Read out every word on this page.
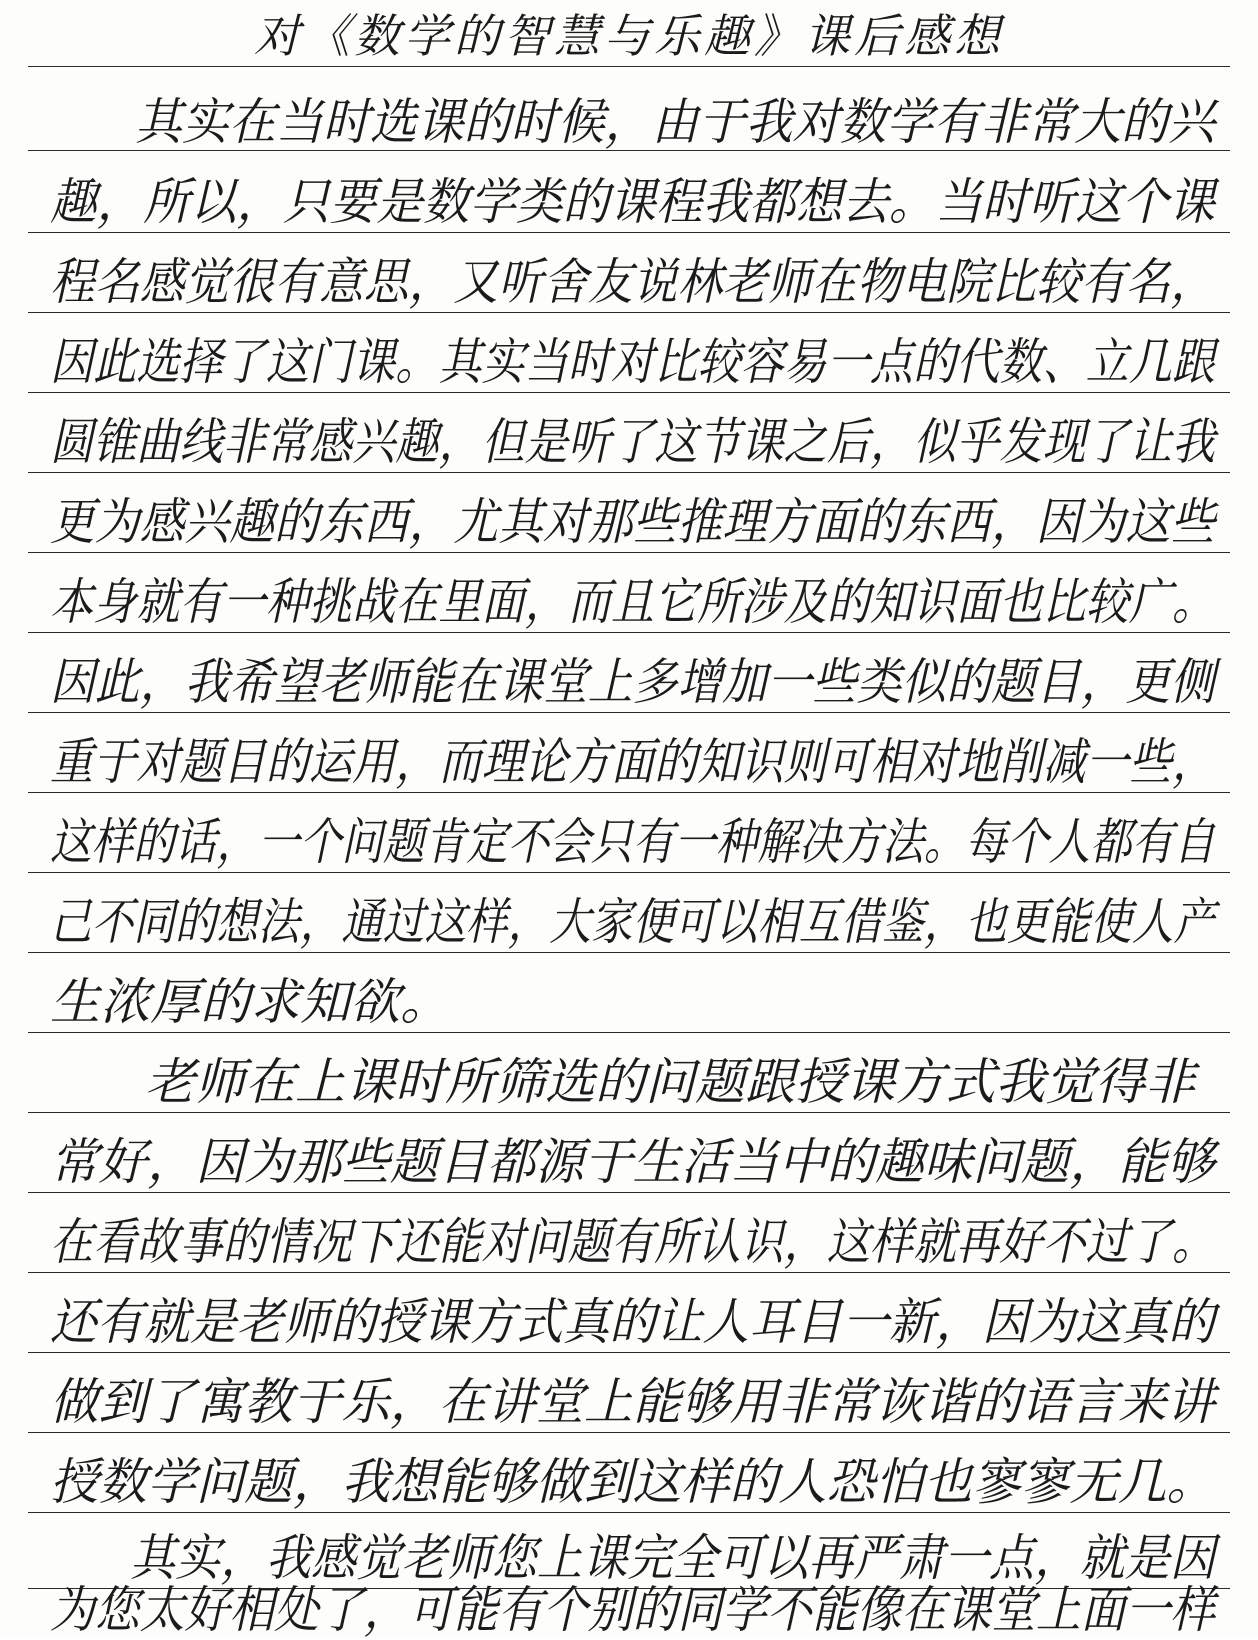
对《数学的智慧与乐趣》课后感想
其实在当时选课的时候，由于我对数学有非常大的兴
趣，所以，只要是数学类的课程我都想去。当时听这个课
程名感觉很有意思，又听舍友说林老师在物电院比较有名，
因此选择了这门课。其实当时对比较容易一点的代数、立几跟
圆锥曲线非常感兴趣，但是听了这节课之后，似乎发现了让我
更为感兴趣的东西，尤其对那些推理方面的东西，因为这些
本身就有一种挑战在里面，而且它所涉及的知识面也比较广。
因此，我希望老师能在课堂上多增加一些类似的题目，更侧
重于对题目的运用，而理论方面的知识则可相对地削减一些，
这样的话，一个问题肯定不会只有一种解决方法。每个人都有自
己不同的想法，通过这样，大家便可以相互借鉴，也更能使人产
生浓厚的求知欲。
老师在上课时所筛选的问题跟授课方式我觉得非
常好，因为那些题目都源于生活当中的趣味问题，能够
在看故事的情况下还能对问题有所认识，这样就再好不过了。
还有就是老师的授课方式真的让人耳目一新，因为这真的
做到了寓教于乐，在讲堂上能够用非常诙谐的语言来讲
授数学问题，我想能够做到这样的人恐怕也寥寥无几。
其实，我感觉老师您上课完全可以再严肃一点，就是因
为您太好相处了，可能有个别的同学不能像在课堂上面一样
